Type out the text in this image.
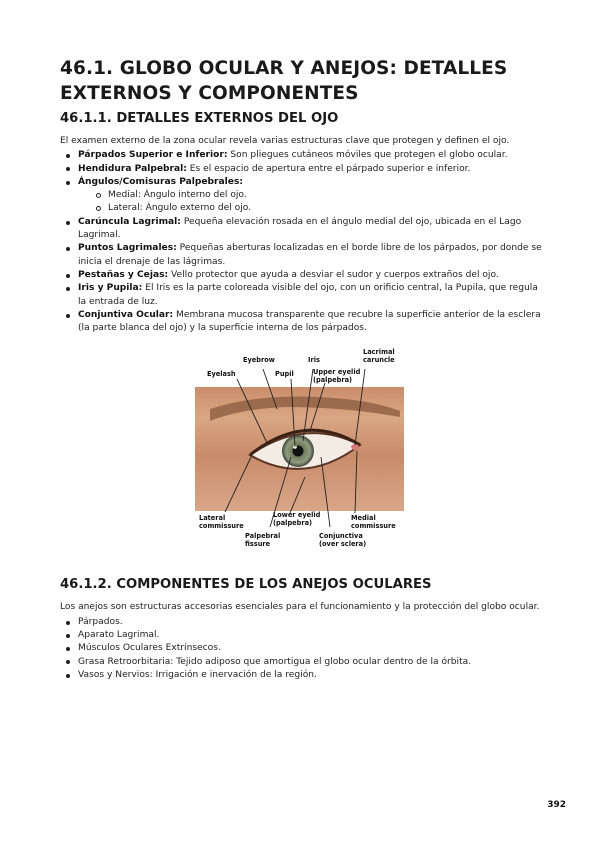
46.1. GLOBO OCULAR Y ANEJOS: DETALLES EXTERNOS Y COMPONENTES
46.1.1. DETALLES EXTERNOS DEL OJO

El examen externo de la zona ocular revela varias estructuras clave que protegen y definen el ojo.

Párpados Superior e Inferior: Son pliegues cutáneos móviles que protegen el globo ocular.
Hendidura Palpebral: Es el espacio de apertura entre el párpado superior e inferior.
Ángulos/Comisuras Palpebrales:
Medial: Ángulo interno del ojo.
Lateral: Ángulo externo del ojo.
Carúncula Lagrimal: Pequeña elevación rosada en el ángulo medial del ojo, ubicada en el Lago Lagrimal.
Puntos Lagrimales: Pequeñas aberturas localizadas en el borde libre de los párpados, por donde se inicia el drenaje de las lágrimas.
Pestañas y Cejas: Vello protector que ayuda a desviar el sudor y cuerpos extraños del ojo.
Iris y Pupila: El Iris es la parte coloreada visible del ojo, con un orificio central, la Pupila, que regula la entrada de luz.
Conjuntiva Ocular: Membrana mucosa transparente que recubre la superficie anterior de la esclera (la parte blanca del ojo) y la superficie interna de los párpados.
Eyebrow	Iris
Lacrimal
caruncle
Eyelash	Pupil	Upper eyelid
(palpebra)
Lateral
commissure
Lower eyelid
(palpebra)
Medial
commissure
Palpebral
fissure
Conjunctiva
(over sclera)
46.1.2. COMPONENTES DE LOS ANEJOS OCULARES

Los anejos son estructuras accesorias esenciales para el funcionamiento y la protección del globo ocular.

Párpados.
Aparato Lagrimal.
Músculos Oculares Extrínsecos.
Grasa Retroorbitaria: Tejido adiposo que amortigua el globo ocular dentro de la órbita.
Vasos y Nervios: Irrigación e inervación de la región.
392
